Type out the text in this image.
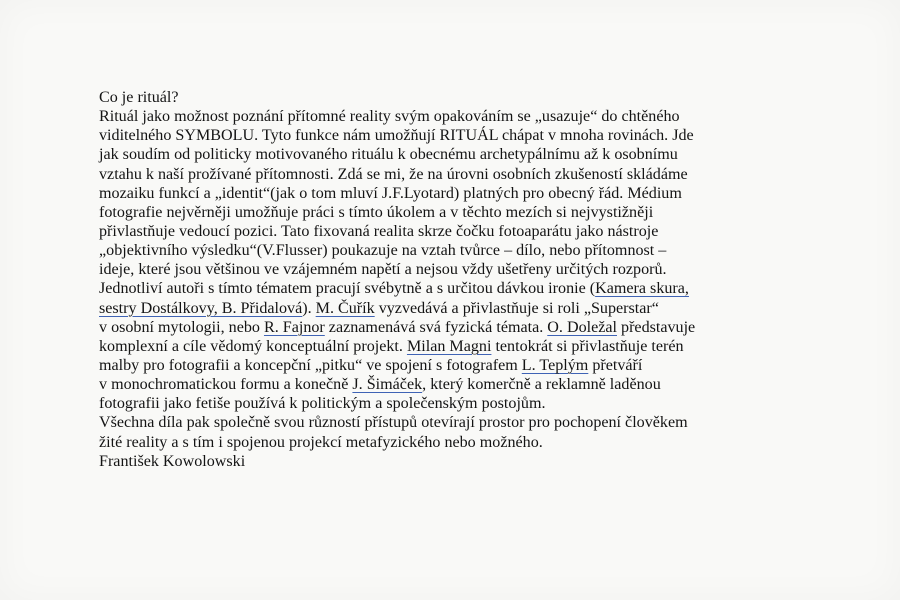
Co je rituál?
Rituál jako možnost poznání přítomné reality svým opakováním se „usazuje“ do chtěného
viditelného SYMBOLU. Tyto funkce nám umožňují RITUÁL chápat v mnoha rovinách. Jde
jak soudím od politicky motivovaného rituálu k obecnému archetypálnímu až k osobnímu
vztahu k naší prožívané přítomnosti. Zdá se mi, že na úrovni osobních zkušeností skládáme
mozaiku funkcí a „identit“(jak o tom mluví J.F.Lyotard) platných pro obecný řád. Médium
fotografie nejvěrněji umožňuje práci s tímto úkolem a v těchto mezích si nejvystižněji
přivlastňuje vedoucí pozici. Tato fixovaná realita skrze čočku fotoaparátu jako nástroje
„objektivního výsledku“(V.Flusser) poukazuje na vztah tvůrce – dílo, nebo přítomnost –
ideje, které jsou většinou ve vzájemném napětí a nejsou vždy ušetřeny určitých rozporů.
Jednotliví autoři s tímto tématem pracují svébytně a s určitou dávkou ironie (Kamera skura,
sestry Dostálkovy, B. Přidalová). M. Čuřík vyzvedává a přivlastňuje si roli „Superstar“
v osobní mytologii, nebo R. Fajnor zaznamenává svá fyzická témata. O. Doležal představuje
komplexní a cíle vědomý konceptuální projekt. Milan Magni tentokrát si přivlastňuje terén
malby pro fotografii a koncepční „pitku“ ve spojení s fotografem L. Teplým přetváří
v monochromatickou formu a konečně J. Šimáček, který komerčně a reklamně laděnou
fotografii jako fetiše používá k politickým a společenským postojům.
Všechna díla pak společně svou růzností přístupů otevírají prostor pro pochopení člověkem
žité reality a s tím i spojenou projekcí metafyzického nebo možného.
František Kowolowski
